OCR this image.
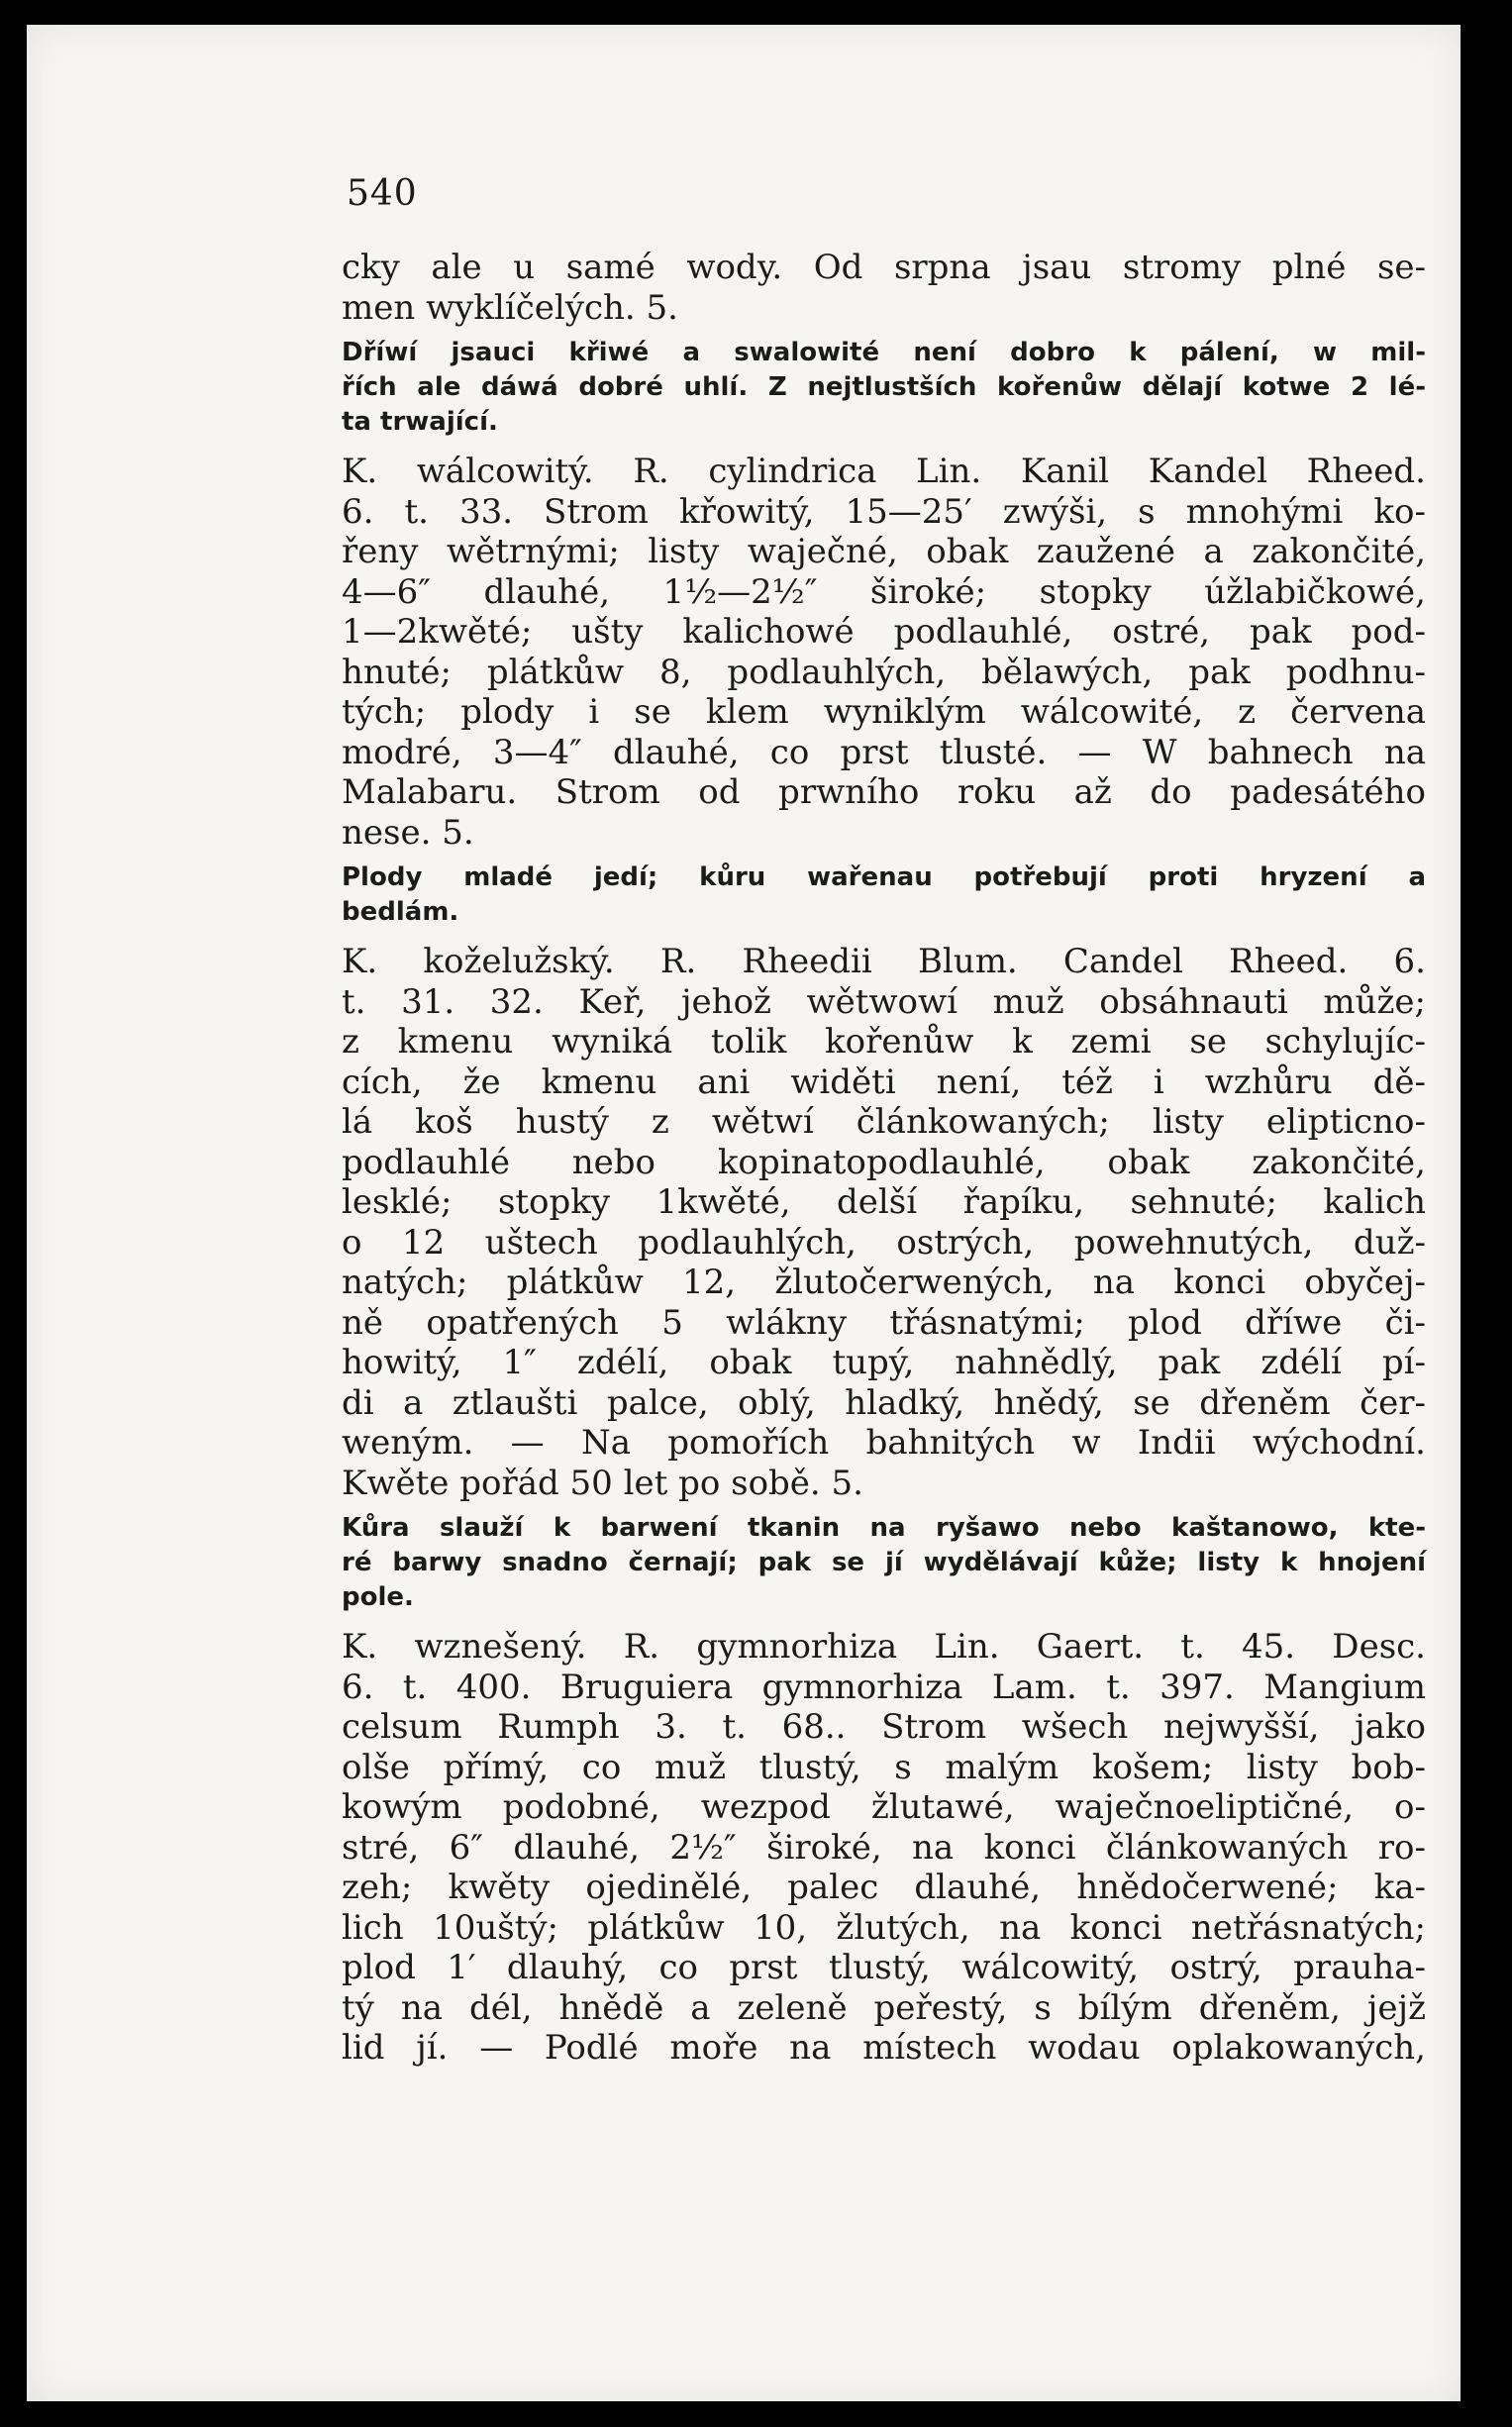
540
cky ale u samé wody. Od srpna jsau stromy plné se-
men wyklíčelých. 5.
Dříwí jsauci křiwé a swalowité není dobro k pálení, w mil-
řích ale dáwá dobré uhlí. Z nejtlustších kořenůw dělají kotwe 2 lé-
ta trwající.
K. wálcowitý. R. cylindrica Lin. Kanil Kandel Rheed.
6. t. 33. Strom křowitý, 15—25′ zwýši, s mnohými ko-
řeny wětrnými; listy waječné, obak zaužené a zakončité,
4—6″ dlauhé, 1½—2½″ široké; stopky úžlabičkowé,
1—2kwěté; ušty kalichowé podlauhlé, ostré, pak pod-
hnuté; plátkůw 8, podlauhlých, bělawých, pak podhnu-
tých; plody i se klem wyniklým wálcowité, z červena
modré, 3—4″ dlauhé, co prst tlusté. — W bahnech na
Malabaru. Strom od prwního roku až do padesátého
nese. 5.
Plody mladé jedí; kůru wařenau potřebují proti hryzení a
bedlám.
K. koželužský. R. Rheedii Blum. Candel Rheed. 6.
t. 31. 32. Keř, jehož wětwowí muž obsáhnauti může;
z kmenu wyniká tolik kořenůw k zemi se schylujíc-
cích, že kmenu ani widěti není, též i wzhůru dě-
lá koš hustý z wětwí článkowaných; listy elipticno-
podlauhlé nebo kopinatopodlauhlé, obak zakončité,
lesklé; stopky 1kwěté, delší řapíku, sehnuté; kalich
o 12 uštech podlauhlých, ostrých, powehnutých, duž-
natých; plátkůw 12, žlutočerwených, na konci obyčej-
ně opatřených 5 wlákny třásnatými; plod dříwe či-
howitý, 1″ zdélí, obak tupý, nahnědlý, pak zdélí pí-
di a ztlaušti palce, oblý, hladký, hnědý, se dřeněm čer-
weným. — Na pomořích bahnitých w Indii wýchodní.
Kwěte pořád 50 let po sobě. 5.
Kůra slauží k barwení tkanin na ryšawo nebo kaštanowo, kte-
ré barwy snadno černají; pak se jí wydělávají kůže; listy k hnojení
pole.
K. wznešený. R. gymnorhiza Lin. Gaert. t. 45. Desc.
6. t. 400. Bruguiera gymnorhiza Lam. t. 397. Mangium
celsum Rumph 3. t. 68.. Strom wšech nejwyšší, jako
olše přímý, co muž tlustý, s malým košem; listy bob-
kowým podobné, wezpod žlutawé, waječnoeliptičné, o-
stré, 6″ dlauhé, 2½″ široké, na konci článkowaných ro-
zeh; kwěty ojedinělé, palec dlauhé, hnědočerwené; ka-
lich 10uštý; plátkůw 10, žlutých, na konci netřásnatých;
plod 1′ dlauhý, co prst tlustý, wálcowitý, ostrý, prauha-
tý na dél, hnědě a zeleně peřestý, s bílým dřeněm, jejž
lid jí. — Podlé moře na místech wodau oplakowaných,
